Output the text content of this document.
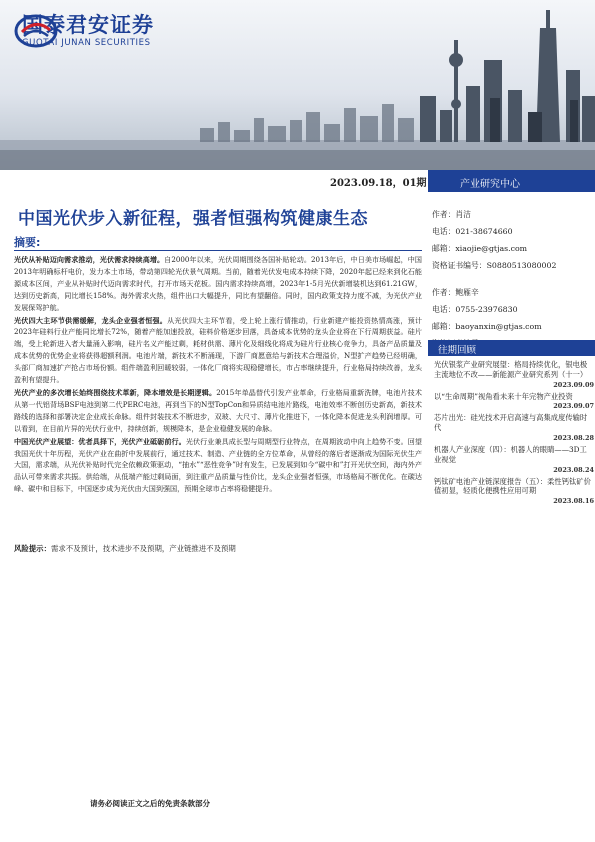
国泰君安证券
GUOTAI JUNAN SECURITIES
2023.09.18，01期	产业研究中心
中国光伏步入新征程，强者恒强构筑健康生态
摘要:

光伏从补贴迈向需求推动，光伏需求持续高增。自2000年以来，光伏周期围绕各国补贴轮动。2013年后，中日美市场崛起，中国2013年明确标杆电价，发力本土市场，带动第四轮光伏景气周期。当前，随着光伏发电成本持续下降，2020年起已经来到化石能源成本区间，产业从补贴时代迈向需求时代，打开市场天花板。国内需求持续高增，2023年1-5月光伏新增装机达到61.21GW，达到历史新高，同比增长158%。海外需求火热，组件出口大幅提升，同比有望翻倍。同时，国内政策支持力度不减，为光伏产业发展保驾护航。

光伏四大主环节供需缓解，龙头企业强者恒强。从光伏四大主环节看，受上轮上涨行情推动，行业新建产能投资热情高涨，预计2023年硅料行业产能同比增长72%，随着产能加速投放，硅料价格逐步回落，具备成本优势的龙头企业将在下行周期获益。硅片端，受上轮新进入者大量涌入影响，硅片名义产能过剩，耗材供需、薄片化及细线化将成为硅片行业核心竞争力，具备产品质量及成本优势的优势企业将获得超额利润。电池片端，新技术不断涌现，下游厂商愿意给与新技术合理溢价，N型扩产趋势已经明确，头部厂商加速扩产抢占市场份额。组件端盈利回暖较弱，一体化厂商将实现稳健增长，市占率继续提升，行业格局持续改善，龙头盈利有望提升。

光伏产业的多次增长始终围绕技术革新，降本增效是长期逻辑。2015年单晶替代引发产业革命，行业格局重新洗牌，电池片技术从第一代铝背场BSF电池到第二代PERC电池，再到当下的N型TopCon和异质结电池片路线，电池效率不断创历史新高，新技术路线的选择和部署决定企业成长命脉。组件封装技术不断进步，双玻、大尺寸、薄片化推进下，一体化降本促进龙头利润增厚。可以看到，在目前片异的光伏行业中，持续创新，规模降本，是企业稳健发展的命脉。

中国光伏产业展望：优者具择下，光伏产业砥砺前行。光伏行业兼具成长型与周期型行业特点，在周期波动中向上趋势不变。回望我国光伏十年历程，光伏产业在曲折中发展前行，通过技术、制造、产业链的全方位革命，从曾经的落后者逐渐成为国际光伏生产大国，需求端，从光伏补贴时代完全依赖政策驱动，“抽水”“恶性竞争”时有发生，已发展到如今“碳中和”打开光伏空间，海内外产品认可带来需求共振。供给端，从低端产能过剩局面，到注重产品质量与性价比，龙头企业强者恒强，市场格局不断优化。在碳达峰、碳中和目标下，中国逐步成为光伏由大国到强国，预期全球市占率将稳健提升。

风险提示：需求不及预计，技术进步不及预期，产业链推进不及预期
作者：肖洁
电话：021-38674660
邮箱：xiaojie@gtjas.com
资格证书编号：S0880513080002
作者：鲍雁辛
电话：0755-23976830
邮箱：baoyanxin@gtjas.com
往期回顾
光伏银浆产业研究展望：格局持续优化，银电极主流地位不改——新能源产业研究系列（十一）
2023.09.09
以“生命周期”视角看未来十年完物产业投资
2023.09.07
芯片出光：硅光技术开启高速与高集成度传输时代
2023.08.28
机器人产业深度（四）：机器人的眼睛——3D工业视觉
2023.08.24
钙钛矿电池产业链深度报告（五）：柔性钙钛矿价值初显，轻质化便携性应用可期
2023.08.16
请务必阅读正文之后的免责条款部分
